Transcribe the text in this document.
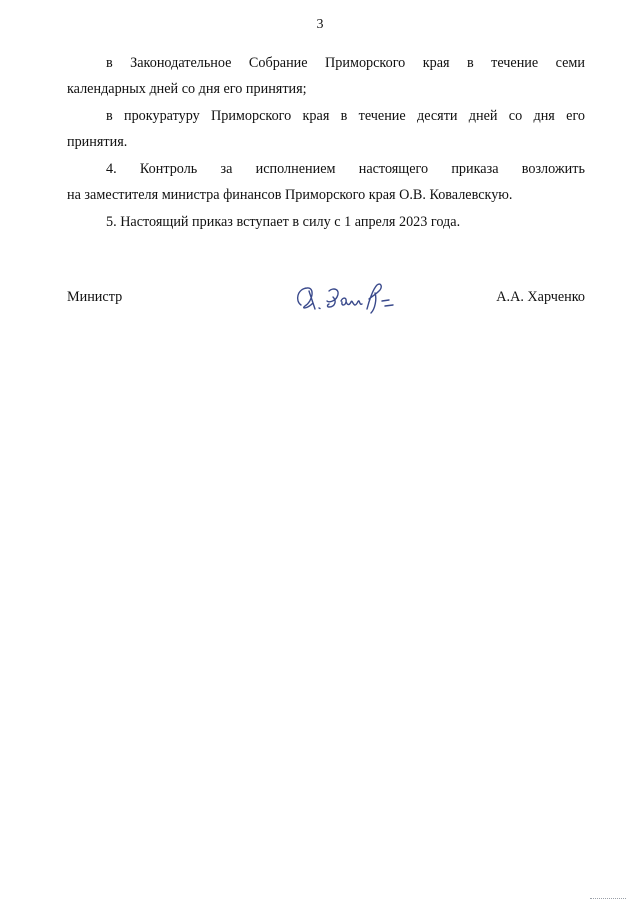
3
в Законодательное Собрание Приморского края в течение семи
календарных дней со дня его принятия;
в прокуратуру Приморского края в течение десяти дней со дня его
принятия.
4. Контроль за исполнением настоящего приказа возложить
на заместителя министра финансов Приморского края О.В. Ковалевскую.
5. Настоящий приказ вступает в силу с 1 апреля 2023 года.
Министр	А.А. Харченко
